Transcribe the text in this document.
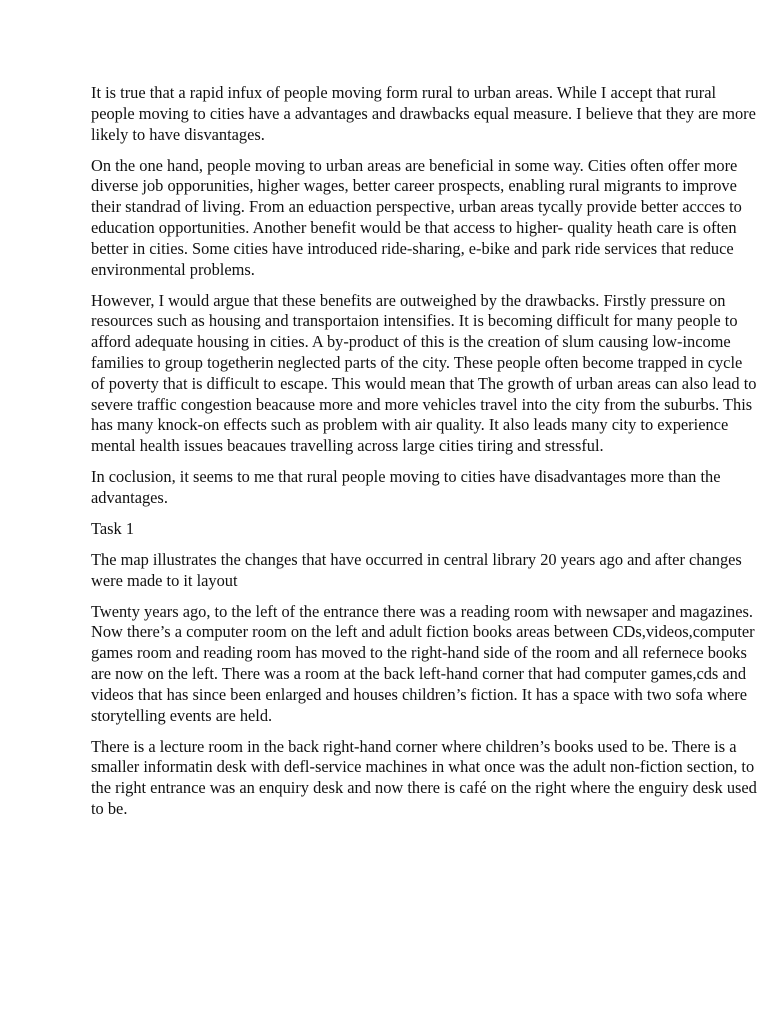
It is true that a rapid infux of people moving form rural to urban areas. While I accept that rural people moving to cities have a advantages and drawbacks equal measure. I believe that they are more likely to have disvantages.

On the one hand, people moving to urban areas are beneficial in some way. Cities often offer more diverse job opporunities, higher wages, better career prospects, enabling rural migrants to improve their standrad of living. From an eduaction perspective, urban areas tycally provide better accces to education opportunities. Another benefit would be that access to higher- quality heath care is often better in cities. Some cities have introduced ride-sharing, e-bike and park ride services that reduce environmental problems.

However, I would argue that these benefits are outweighed by the drawbacks. Firstly pressure on resources such as housing and transportaion intensifies. It is becoming difficult for many people to afford adequate housing in cities. A by-product of this is the creation of slum causing low-income families to group togetherin neglected parts of the city. These people often become trapped in cycle of poverty that is difficult to escape. This would mean that The growth of urban areas can also lead to severe traffic congestion beacause more and more vehicles travel into the city from the suburbs. This has many knock-on effects such as problem with air quality. It also leads many city to experience mental health issues beacaues travelling across large cities tiring and stressful.

In coclusion, it seems to me that rural people moving to cities have disadvantages more than the advantages.

Task 1

The map illustrates the changes that have occurred in central library 20 years ago and after changes were made to it layout

Twenty years ago, to the left of the entrance there was a reading room with newsaper and magazines. Now there’s a computer room on the left and adult fiction books areas between CDs,videos,computer games room and reading room has moved to the right-hand side of the room and all refernece books are now on the left. There was a room at the back left-hand corner that had computer games,cds and videos that has since been enlarged and houses children’s fiction. It has a space with two sofa where storytelling events are held.

There is a lecture room in the back right-hand corner where children’s books used to be. There is a smaller informatin desk with defl-service machines in what once was the adult non-fiction section, to the right entrance was an enquiry desk and now there is café on the right where the enguiry desk used to be.
